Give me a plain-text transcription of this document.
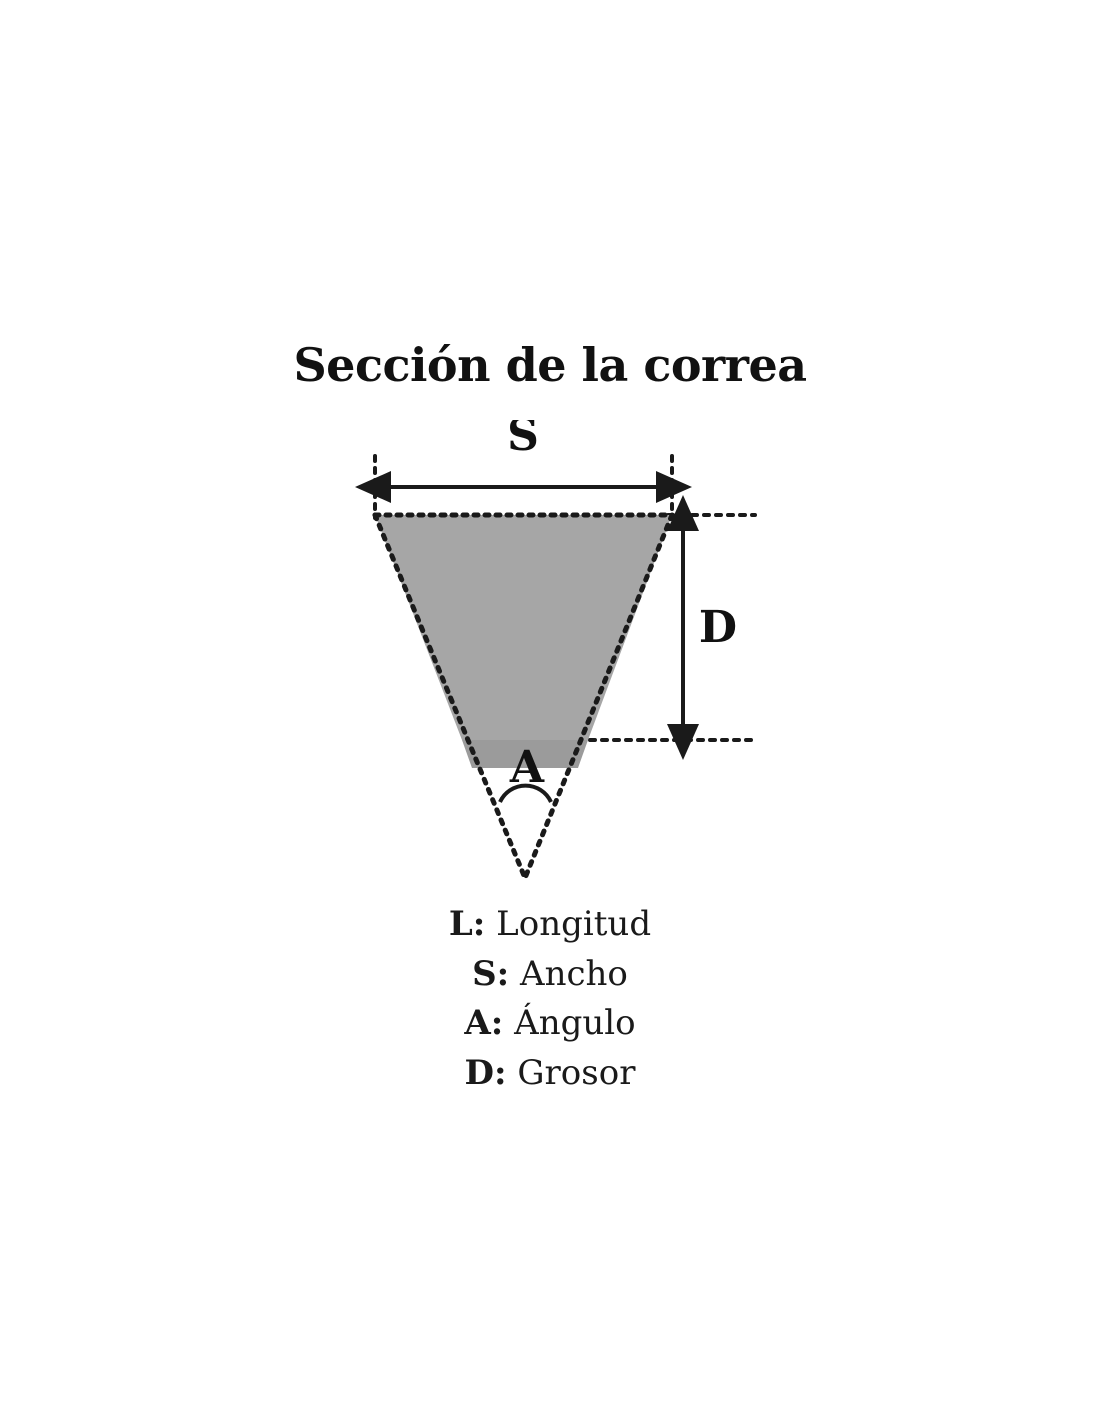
Sección de la correa
S
D
A
L: Longitud
S: Ancho
A: Ángulo
D: Grosor
